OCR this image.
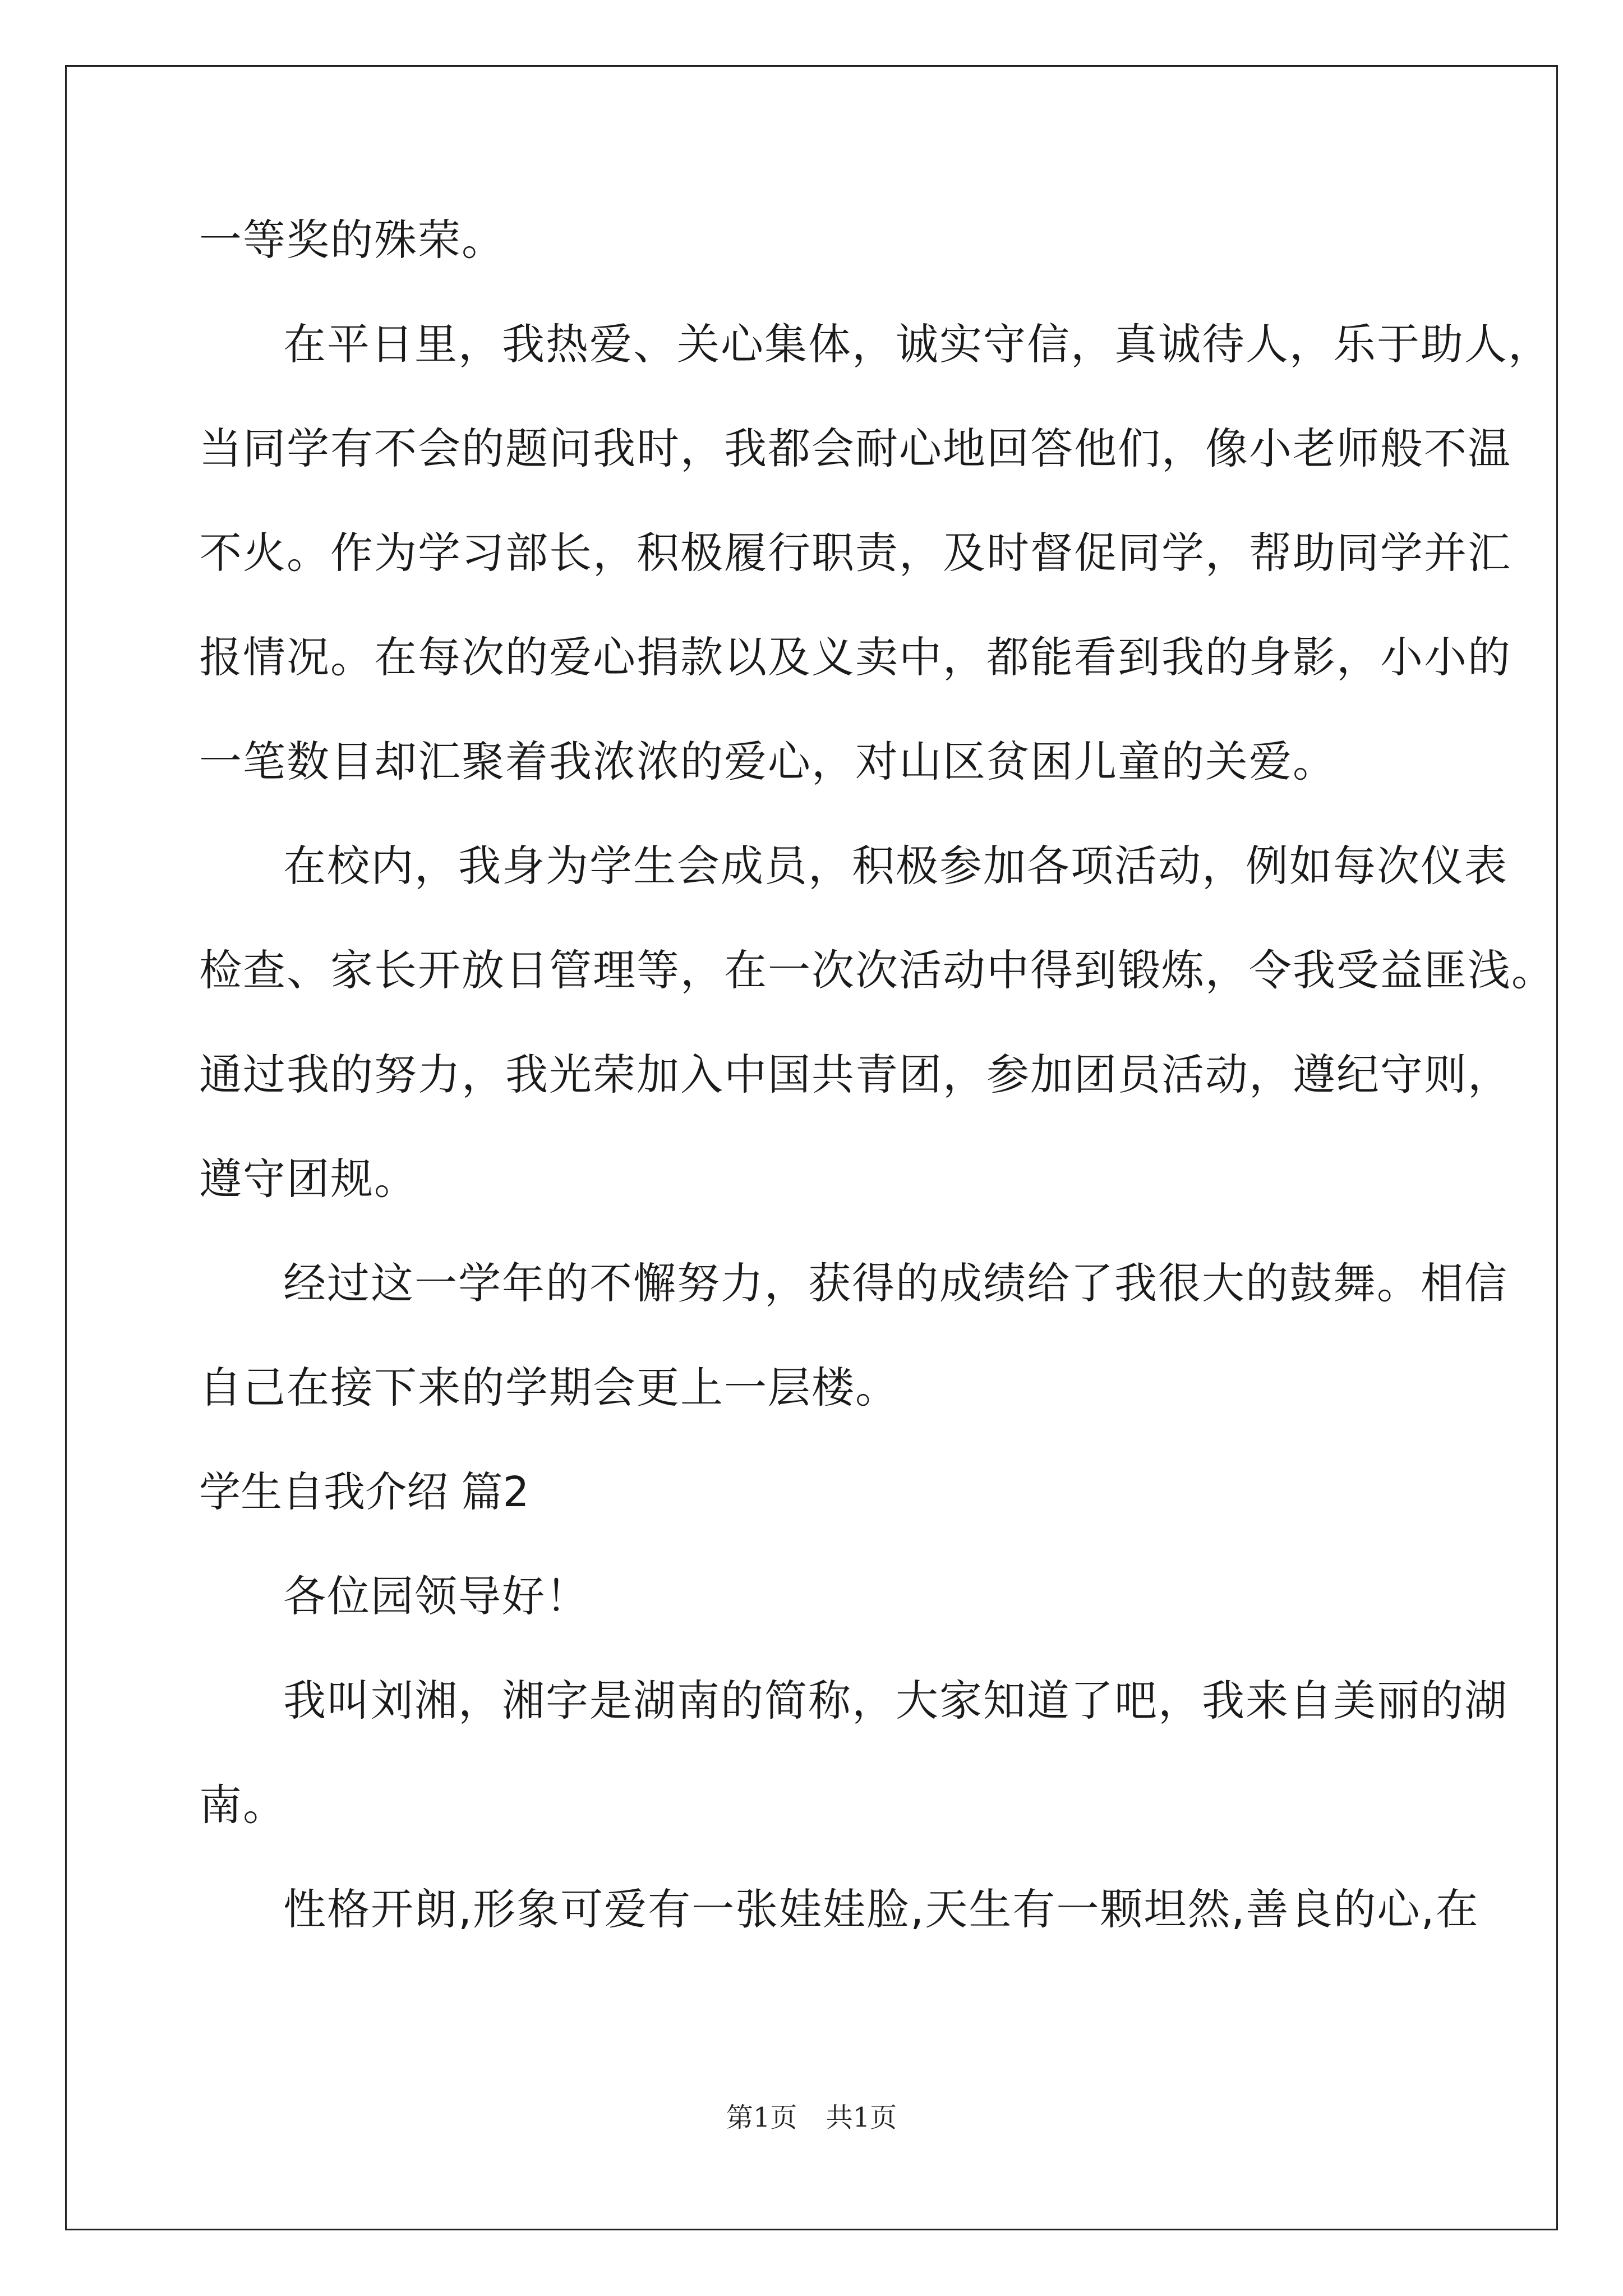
一等奖的殊荣。
在平日里，我热爱、关心集体，诚实守信，真诚待人，乐于助人，
当同学有不会的题问我时，我都会耐心地回答他们，像小老师般不温
不火。作为学习部长，积极履行职责，及时督促同学，帮助同学并汇
报情况。在每次的爱心捐款以及义卖中，都能看到我的身影，小小的
一笔数目却汇聚着我浓浓的爱心，对山区贫困儿童的关爱。
在校内，我身为学生会成员，积极参加各项活动，例如每次仪表
检查、家长开放日管理等，在一次次活动中得到锻炼，令我受益匪浅。
通过我的努力，我光荣加入中国共青团，参加团员活动，遵纪守则，
遵守团规。
经过这一学年的不懈努力，获得的成绩给了我很大的鼓舞。相信
自己在接下来的学期会更上一层楼。
学生自我介绍 篇2
各位园领导好！
我叫刘湘，湘字是湖南的简称，大家知道了吧，我来自美丽的湖
南。
性格开朗,形象可爱有一张娃娃脸,天生有一颗坦然,善良的心,在
第1页 共1页
